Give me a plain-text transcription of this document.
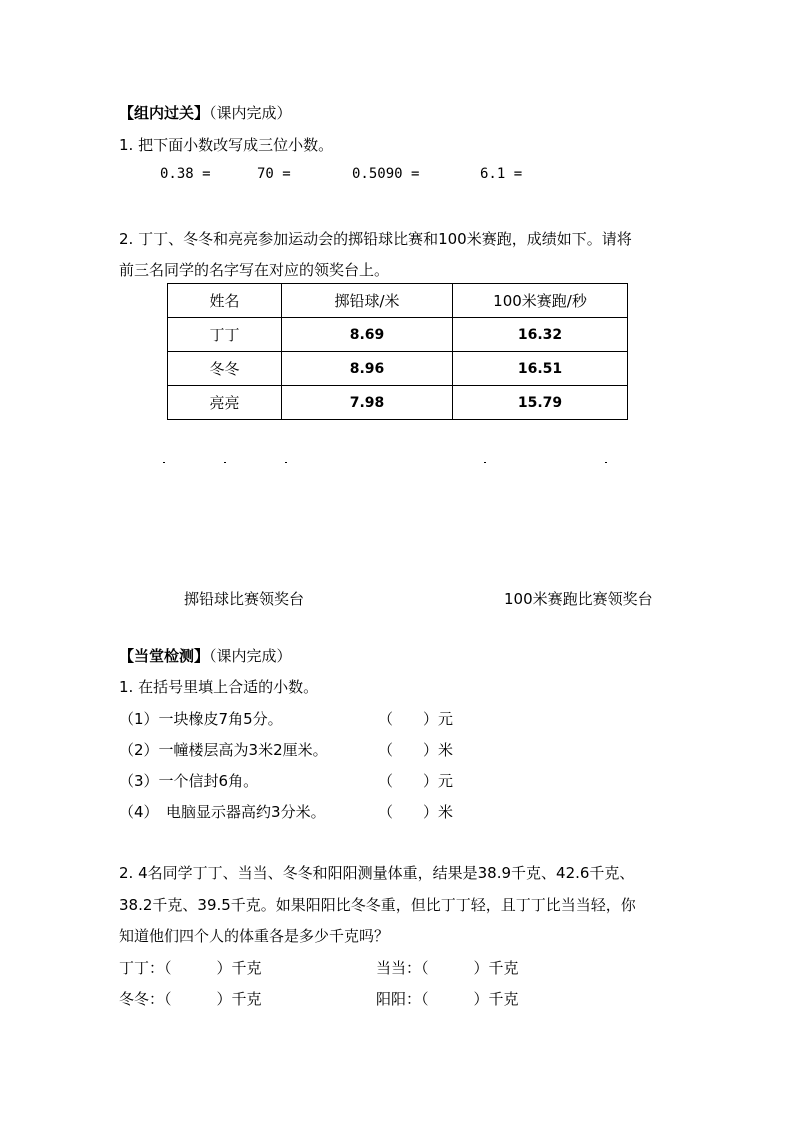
【组内过关】（课内完成）
1. 把下面小数改写成三位小数。
0.38 =	70 =	0.5090 =	6.1 =
2. 丁丁、冬冬和亮亮参加运动会的掷铅球比赛和100米赛跑，成绩如下。请将
前三名同学的名字写在对应的领奖台上。
姓名	掷铅球/米	100米赛跑/秒
丁丁	8.69	16.32
冬冬	8.96	16.51
亮亮	7.98	15.79
掷铅球比赛领奖台	100米赛跑比赛领奖台
【当堂检测】（课内完成）
1. 在括号里填上合适的小数。
（1）一块橡皮7角5分。	（　　） 元
（2）一幢楼层高为3米2厘米。	（　　） 米
（3）一个信封6角。	（　　） 元
（4）　电脑显示器高约3分米。	（　　） 米
2. 4名同学丁丁、当当、冬冬和阳阳测量体重，结果是38.9千克、42.6千克、
38.2千克、39.5千克。如果阳阳比冬冬重，但比丁丁轻，且丁丁比当当轻，你
知道他们四个人的体重各是多少千克吗？
丁丁：（　　　）千克	当当：（　　　）千克
冬冬：（　　　）千克	阳阳：（　　　）千克
